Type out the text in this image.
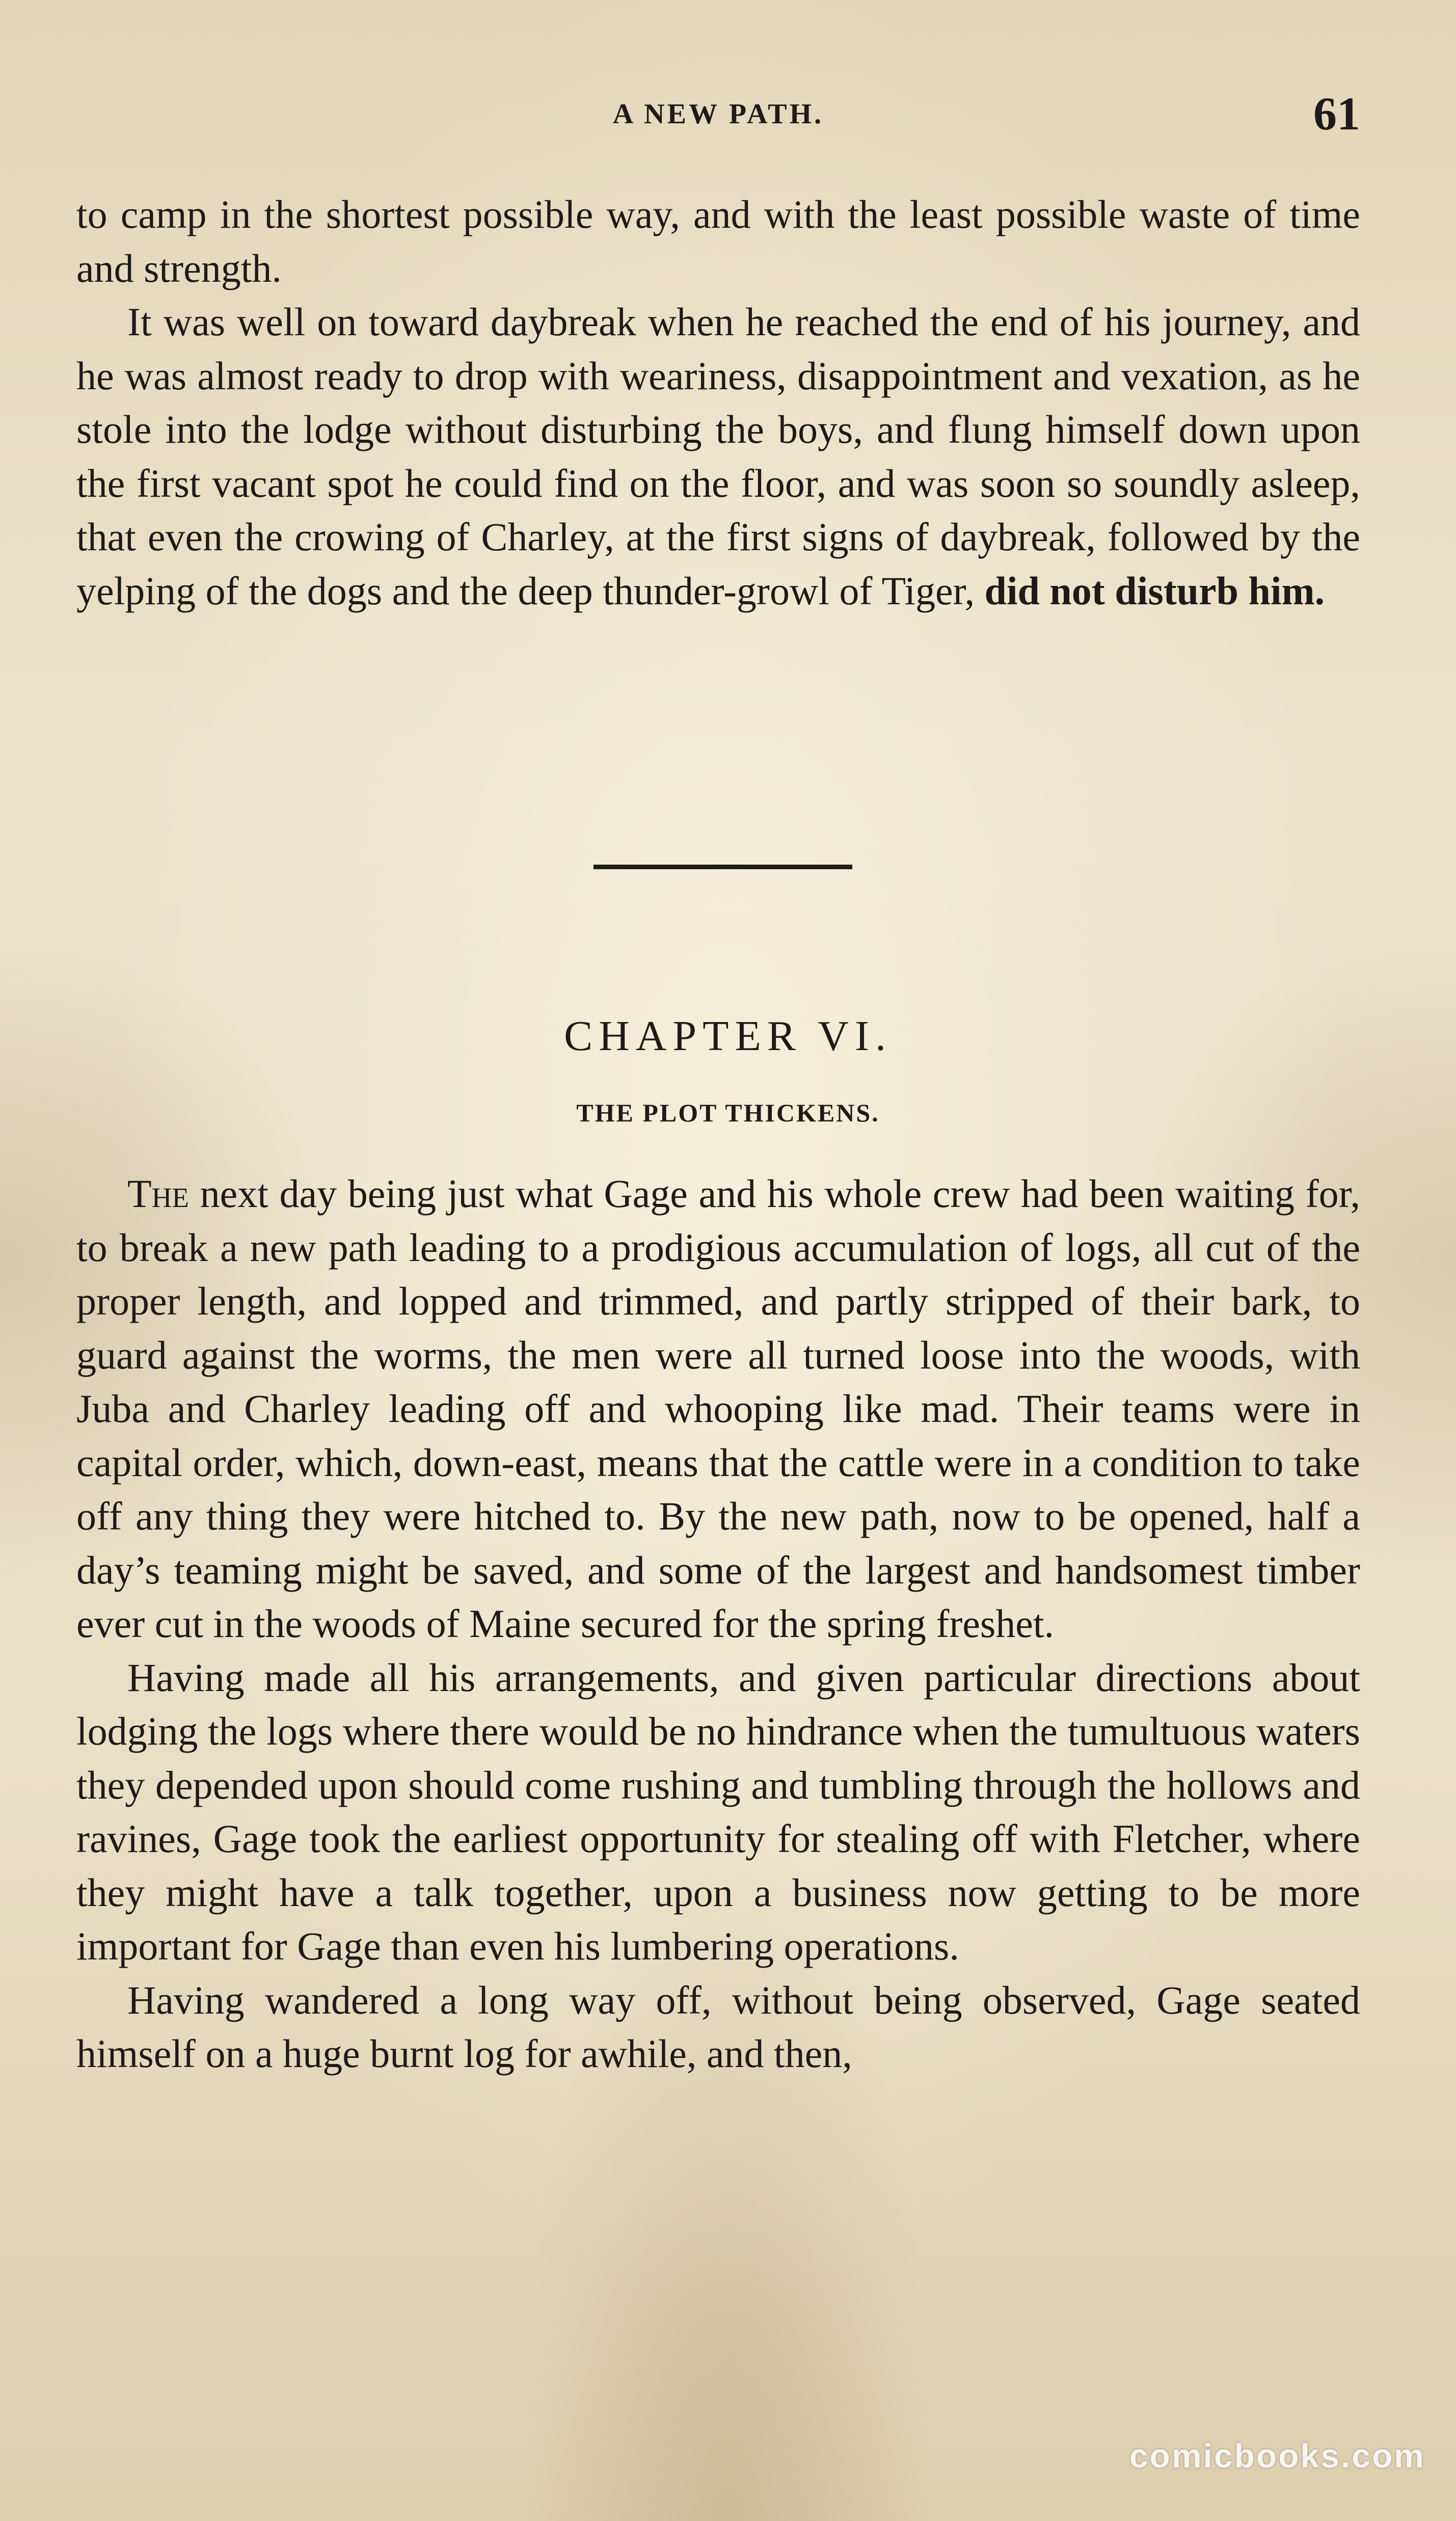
A NEW PATH.	61

to camp in the shortest possible way, and with the least possible waste of time and strength.

It was well on toward daybreak when he reached the end of his journey, and he was almost ready to drop with weariness, disappointment and vexation, as he stole into the lodge without disturbing the boys, and flung himself down upon the first vacant spot he could find on the floor, and was soon so soundly asleep, that even the crowing of Charley, at the first signs of daybreak, followed by the yelping of the dogs and the deep thunder-growl of Tiger, did not disturb him.

CHAPTER VI.
THE PLOT THICKENS.

The next day being just what Gage and his whole crew had been waiting for, to break a new path leading to a prodigious accumulation of logs, all cut of the proper length, and lopped and trimmed, and partly stripped of their bark, to guard against the worms, the men were all turned loose into the woods, with Juba and Charley leading off and whooping like mad. Their teams were in capital order, which, down-east, means that the cattle were in a condition to take off any thing they were hitched to. By the new path, now to be opened, half a day’s teaming might be saved, and some of the largest and handsomest timber ever cut in the woods of Maine secured for the spring freshet.

Having made all his arrangements, and given particular directions about lodging the logs where there would be no hindrance when the tumultuous waters they depended upon should come rushing and tumbling through the hollows and ravines, Gage took the earliest opportunity for stealing off with Fletcher, where they might have a talk together, upon a business now getting to be more important for Gage than even his lumbering operations.

Having wandered a long way off, without being observed, Gage seated himself on a huge burnt log for awhile, and then,

comicbooks.com
